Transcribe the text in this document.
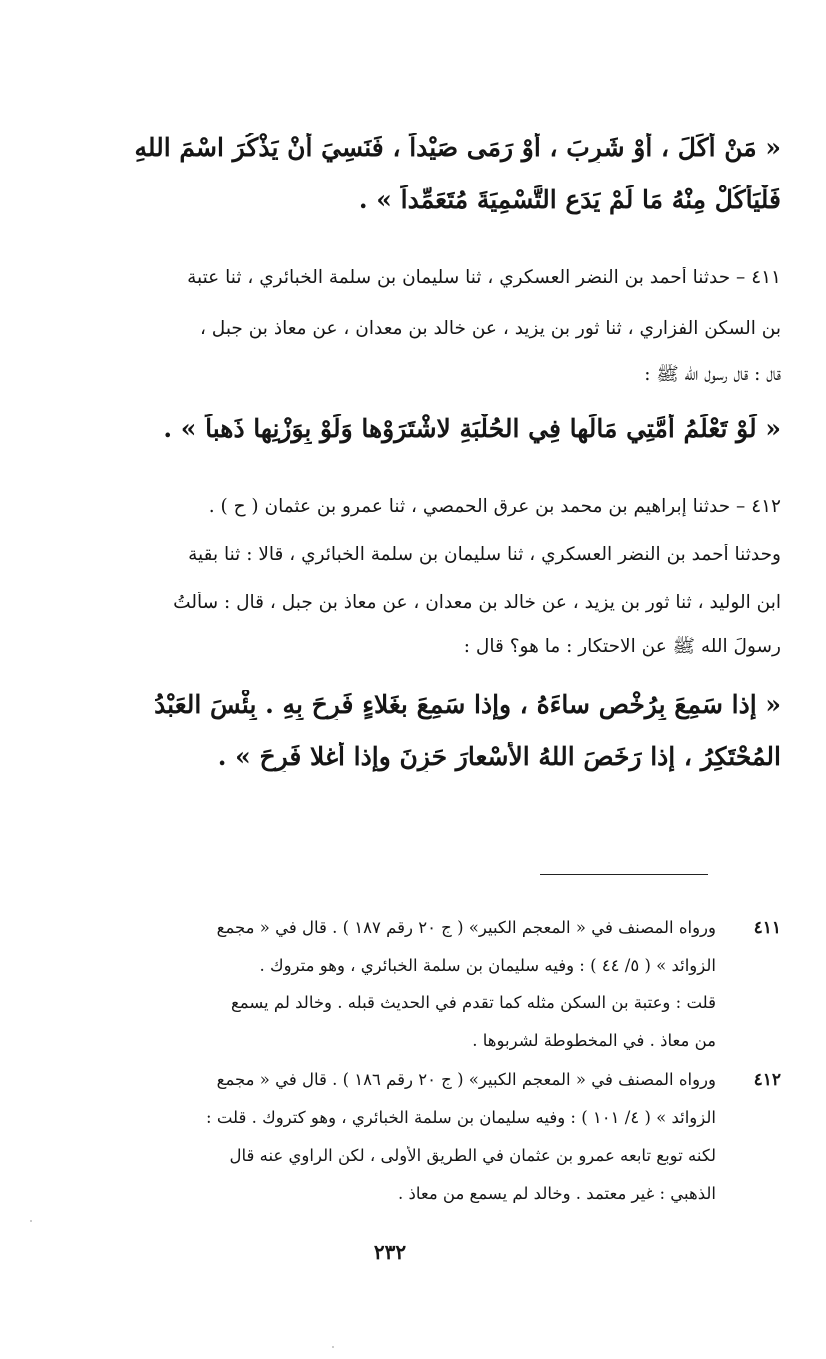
« مَنْ أَكَلَ ، أَوْ شَرِبَ ، أَوْ رَمَى صَيْداً ، فَنَسِيَ أَنْ يَذْكُرَ اسْمَ اللهِ
فَلْيَأْكُلْ مِنْهُ مَا لَمْ يَدَعِ التَّسْمِيَةَ مُتَعَمِّداً » .
٤١١ – حدثنا أحمد بن النضر العسكري ، ثنا سليمان بن سلمة الخبائري ، ثنا عتبة
بن السكن الفزاري ، ثنا ثور بن يزيد ، عن خالد بن معدان ، عن معاذ بن جبل ،
قال : قال رسول الله ﷺ :
« لَوْ تَعْلَمُ أُمَّتِي مَالَها فِي الحُلْبَةِ لاشْتَرَوْها وَلَوْ بِوَزْنِها ذَهباً » .
٤١٢ – حدثنا إبراهيم بن محمد بن عرق الحمصي ، ثنا عمرو بن عثمان ( ح ) .
وحدثنا أحمد بن النضر العسكري ، ثنا سليمان بن سلمة الخبائري ، قالا : ثنا بقية
ابن الوليد ، ثنا ثور بن يزيد ، عن خالد بن معدان ، عن معاذ بن جبل ، قال : سألتُ
رسولَ الله ﷺ عن الاحتكار : ما هو؟ قال :
« إذا سَمِعَ بِرُخْصٍ ساءَهُ ، وإذا سَمِعَ بغَلاءٍ فَرِحَ بِهِ . بِئْسَ العَبْدُ
المُحْتَكِرُ ، إذا رَخَصَ اللهُ الأَسْعارَ حَزِنَ وإذا أَغلا فَرِحَ » .
٤١١
ورواه المصنف في « المعجم الكبير» ( ج ٢٠ رقم ١٨٧ ) . قال في « مجمع
الزوائد » ( ٥/ ٤٤ ) : وفيه سليمان بن سلمة الخبائري ، وهو متروك .
قلت : وعتبة بن السكن مثله كما تقدم في الحديث قبله . وخالد لم يسمع
من معاذ . في المخطوطة لشربوها .
٤١٢
ورواه المصنف في « المعجم الكبير» ( ج ٢٠ رقم ١٨٦ ) . قال في « مجمع
الزوائد » ( ٤/ ١٠١ ) : وفيه سليمان بن سلمة الخبائري ، وهو كتروك . قلت :
لكنه توبع تابعه عمرو بن عثمان في الطريق الأولى ، لكن الراوي عنه قال
الذهبي : غير معتمد . وخالد لم يسمع من معاذ .
٢٣٢
